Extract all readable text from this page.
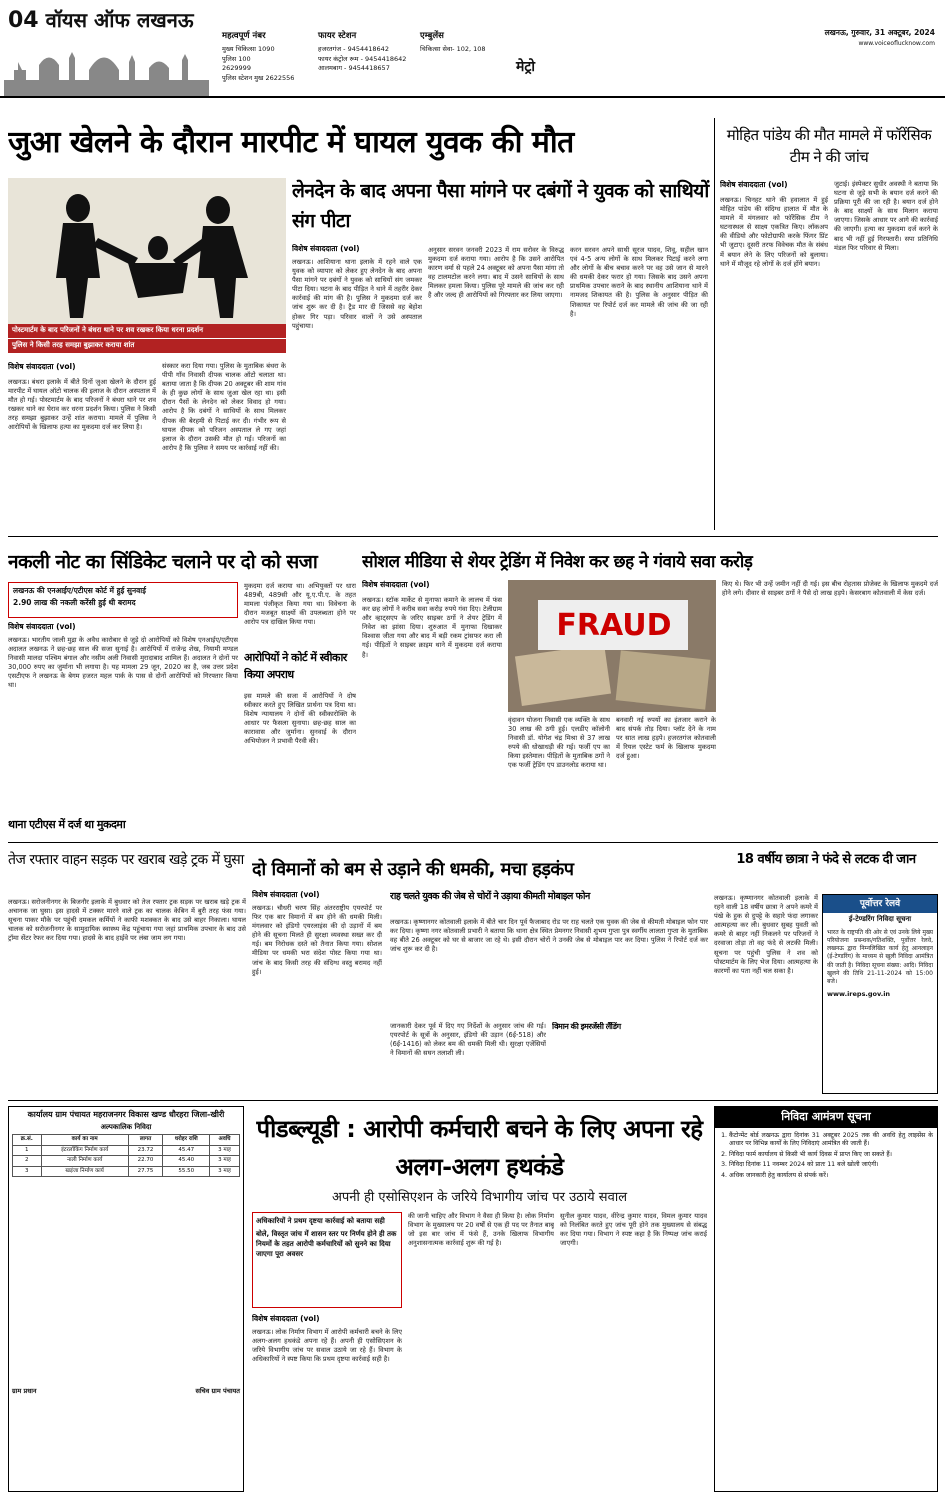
04 वॉयस ऑफ लखनऊ
महत्वपूर्ण नंबर
मुख्य चिकित्सा 1090
पुलिस 100
2629999
पुलिस स्टेशन मुख 2622556
फायर स्टेशन
हजरतगंज - 9454418642
फायर कंट्रोल रूम - 9454418642
आलमबाग - 9454418657
एम्बुलेंस
चिकित्सा सेवा- 102, 108
मेट्रो
लखनऊ, गुरुवार, 31 अक्टूबर, 2024
www.voiceoflucknow.com
जुआ खेलने के दौरान मारपीट में घायल युवक की मौत
पोस्टमार्टम के बाद परिजनों ने बंधरा थाने पर शव रखकर किया धरना प्रदर्शन
पुलिस ने किसी तरह समझा बुझाकर कराया शांत
विशेष संवाददाता (vol)
लखनऊ। बंथरा इलाके में बीते दिनों जुआ खेलने के दौरान हुई मारपीट में घायल ऑटो चालक की इलाज के दौरान अस्पताल में मौत हो गई। पोस्टमार्टम के बाद परिजनों ने बंथरा थाने पर शव रखकर थाने का घेराव कर धरना प्रदर्शन किया। पुलिस ने किसी तरह समझा बुझाकर उन्हें शांत कराया। मामले में पुलिस ने आरोपियों के खिलाफ हत्या का मुकदमा दर्ज कर लिया है।
संस्कार करा दिया गया। पुलिस के मुताबिक बंथरा के पीपी गाँव निवासी दीपक चालक ऑटो चलाता था। बताया जाता है कि दीपक 20 अक्टूबर की शाम गांव के ही कुछ लोगों के साथ जुआ खेल रहा था। इसी दौरान पैसों के लेनदेन को लेकर विवाद हो गया। आरोप है कि दबंगों ने साथियों के साथ मिलकर दीपक की बेरहमी से पिटाई कर दी। गंभीर रूप से घायल दीपक को परिजन अस्पताल ले गए जहां इलाज के दौरान उसकी मौत हो गई। परिजनों का आरोप है कि पुलिस ने समय पर कार्रवाई नहीं की।
लेनदेन के बाद अपना पैसा मांगने पर दबंगों ने युवक को साथियों संग पीटा
विशेष संवाददाता (vol)
लखनऊ। आशियाना थाना इलाके में रहने वाले एक युवक को व्यापार को लेकर हुए लेनदेन के बाद अपना पैसा मांगने पर दबंगों ने युवक को साथियों संग जमकर पीटा दिया। घटना के बाद पीड़ित ने थाने में तहरीर देकर कार्रवाई की मांग की है। पुलिस ने मुकदमा दर्ज कर जांच शुरू कर दी है। ट्रैड मार दी जिससे वह बेहोश होकर गिर पड़ा। परिवार वालों ने उसे अस्पताल पहुंचाया।
अनुसार सरवन जनवरी 2023 में राम सरोवर के विरुद्ध मुकदमा दर्ज कराया गया। आरोप है कि उसने आरोपित कारण वर्मा से पहले 24 अक्टूबर को अपना पैसा मांगा तो वह टालमटोल करने लगा। बाद में उसने साथियों के साथ मिलकर हमला किया। पुलिस पूरे मामले की जांच कर रही है और जल्द ही आरोपियों को गिरफ्तार कर लिया जाएगा।
करन सरवन अपने साथी सूरज यादव, शिवू, सहील खान एवं 4-5 अन्य लोगों के साथ मिलकर पिटाई करने लगा और लोगों के बीच बचाव करने पर वह उसे जान से मारने की धमकी देकर फरार हो गया। जिसके बाद उसने अपना प्राथमिक उपचार कराने के बाद स्थानीय आशियाना थाने में नामजद शिकायत की है। पुलिस के अनुसार पीड़ित की शिकायत पर रिपोर्ट दर्ज कर मामले की जांच की जा रही है।
मोहित पांडेय की मौत मामले में फॉरेंसिक टीम ने की जांच
विशेष संवाददाता (vol)
लखनऊ। चिनहट थाने की हवालात में हुई मोहित पांडेय की संदिग्ध हालात में मौत के मामले में मंगलवार को फॉरेंसिक टीम ने घटनास्थल से साक्ष्य एकत्रित किए। लॉकअप की वीडियो और फोटोग्राफी करके फिंगर प्रिंट भी जुटाए। दूसरी तरफ विवेचक मौत के संबंध में बयान लेने के लिए परिजनों को बुलाया। थाने में मौजूद रहे लोगों के दर्ज होंगे बयान।
जुटाई। इंस्पेक्टर सुधीर अवस्थी ने बताया कि घटना से जुड़े सभी के बयान दर्ज करने की प्रक्रिया पूरी की जा रही है। बयान दर्ज होने के बाद साक्ष्यों के साथ मिलान कराया जाएगा। जिसके आधार पर आगे की कार्रवाई की जाएगी। हत्या का मुकदमा दर्ज करने के बाद भी नहीं हुई गिरफ्तारी। सपा प्रतिनिधि मंडल फिर परिवार से मिला।
नकली नोट का सिंडिकेट चलाने पर दो को सजा
लखनऊ की एनआईए/एटीएस कोर्ट में हुई सुनवाई
2.90 लाख की नकली करेंसी हुई थी बरामद
विशेष संवाददाता (vol)
लखनऊ। भारतीय जाली मुद्रा के अवैध कारोबार से जुड़े दो आरोपियों को विशेष एनआईए/एटीएस अदालत लखनऊ ने छह-छह साल की सजा सुनाई है। आरोपियों में राजेन्द्र शेख, नियामी मण्डल निवासी मालदा पश्चिम बंगाल और नसीम अली निवासी मुरादाबाद शामिल हैं। अदालत ने दोनों पर 30,000 रुपए का जुर्माना भी लगाया है। यह मामला 29 जून, 2020 का है, जब उत्तर प्रदेश एसटीएफ ने लखनऊ के बेगम हजरत महल पार्क के पास से दोनों आरोपियों को गिरफ्तार किया था।
थाना एटीएस में दर्ज था मुकदमा
मुकदमा दर्ज कराया था। अभियुक्तों पर धारा 489बी, 489सी और यू.ए.पी.ए. के तहत मामला पंजीकृत किया गया था। विवेचना के दौरान मजबूत साक्ष्यों की उपलब्धता होने पर आरोप पत्र दाखिल किया गया।
आरोपियों ने कोर्ट में स्वीकार किया अपराध
इस मामले की सजा में आरोपियों ने दोष स्वीकार करते हुए लिखित प्रार्थना पत्र दिया था। विशेष न्यायालय ने दोनों की स्वीकारोक्ति के आधार पर फैसला सुनाया। छह-छह साल का कारावास और जुर्माना। सुनवाई के दौरान अभियोजन ने प्रभावी पैरवी की।
सोशल मीडिया से शेयर ट्रेडिंग में निवेश कर छह ने गंवाये सवा करोड़
विशेष संवाददाता (vol)
लखनऊ। स्टॉक मार्केट से मुनाफा कमाने के लालच में फंस कर छह लोगों ने करीब सवा करोड़ रुपये गंवा दिए। टेलीग्राम और व्हाट्सएप के जरिए साइबर ठगों ने शेयर ट्रेडिंग में निवेश का झांसा दिया। शुरुआत में मुनाफा दिखाकर विश्वास जीता गया और बाद में बड़ी रकम ट्रांसफर करा ली गई। पीड़ितों ने साइबर क्राइम थाने में मुकदमा दर्ज कराया है।
FRAUD
वृंदावन योजना निवासी एक व्यक्ति के साथ 30 लाख की ठगी हुई। एलडीए कॉलोनी निवासी डॉ. योगेश चंद्र मिश्रा से 37 लाख रुपये की धोखाधड़ी की गई। फर्जी एप का किया इस्तेमाल। पीड़ितों के मुताबिक ठगों ने एक फर्जी ट्रेडिंग एप डाउनलोड कराया था।
बनवारी नई रुपयों का इंतजार कराने के बाद संपर्क तोड़ दिया। प्लॉट देने के नाम पर सात लाख हड़पे। हजरतगंज कोतवाली में रियल एस्टेट फर्म के खिलाफ मुकदमा दर्ज हुआ।
किए थे। फिर भी उन्हें जमीन नहीं दी गई। इस बीच रोहतास प्रोजेक्ट के खिलाफ मुकदमे दर्ज होने लगे। दीवार से साइबर ठगों ने पैसे दो लाख हड़पे। केसरबाग कोतवाली में केस दर्ज।
तेज रफ्तार वाहन सड़क पर खराब खड़े ट्रक में घुसा
लखनऊ। सरोजनीनगर के बिजनौर इलाके में बुधवार को तेज रफ्तार ट्रक सड़क पर खराब खड़े ट्रक में अचानक जा घुसा। इस हादसे में टक्कर मारने वाले ट्रक का चालक केबिन में बुरी तरह फंस गया। सूचना पाकर मौके पर पहुंची दमकल कर्मियों ने काफी मशक्कत के बाद उसे बाहर निकाला। घायल चालक को सरोजनीनगर के सामुदायिक स्वास्थ्य केंद्र पहुंचाया गया जहां प्राथमिक उपचार के बाद उसे ट्रॉमा सेंटर रेफर कर दिया गया। हादसे के बाद हाईवे पर लंबा जाम लग गया।
दो विमानों को बम से उड़ाने की धमकी, मचा हड़कंप
विशेष संवाददाता (vol)
लखनऊ। चौधरी चरण सिंह अंतरराष्ट्रीय एयरपोर्ट पर फिर एक बार विमानों में बम होने की धमकी मिली। मंगलवार को इंडिगो एयरलाइंस की दो उड़ानों में बम होने की सूचना मिलते ही सुरक्षा व्यवस्था सख्त कर दी गई। बम निरोधक दस्ते को तैनात किया गया। सोशल मीडिया पर धमकी भरा संदेश पोस्ट किया गया था। जांच के बाद किसी तरह की संदिग्ध वस्तु बरामद नहीं हुई।
राह चलते युवक की जेब से चोरों ने उड़ाया कीमती मोबाइल फोन
लखनऊ। कृष्णानगर कोतवाली इलाके में बीते चार दिन पूर्व फैजाबाद रोड पर राह चलते एक युवक की जेब से कीमती मोबाइल फोन पार कर दिया। कृष्णा नगर कोतवाली प्रभारी ने बताया कि थाना क्षेत्र स्थित प्रेमनगर निवासी शुभम गुप्ता पुत्र स्वर्गीय लालता गुप्ता के मुताबिक वह बीते 26 अक्टूबर को घर से बाजार जा रहे थे। इसी दौरान चोरों ने उनकी जेब से मोबाइल पार कर दिया। पुलिस ने रिपोर्ट दर्ज कर जांच शुरू कर दी है।
जानकारी देकर पूर्व में दिए गए निर्देशों के अनुसार जांच की गई। एयरपोर्ट के सूत्रों के अनुसार, इंडिगो की उड़ान (6ई-518) और (6ई-1416) को लेकर बम की धमकी मिली थी। सुरक्षा एजेंसियों ने विमानों की सघन तलाशी ली।
विमान की इमरजेंसी लैंडिंग
18 वर्षीय छात्रा ने फंदे से लटक दी जान
लखनऊ। कृष्णानगर कोतवाली इलाके में रहने वाली 18 वर्षीय छात्रा ने अपने कमरे में पंखे के हुक से दुपट्टे के सहारे फंदा लगाकर आत्महत्या कर ली। बुधवार सुबह युवती को कमरे से बाहर नहीं निकलने पर परिजनों ने दरवाजा तोड़ा तो वह फंदे से लटकी मिली। सूचना पर पहुंची पुलिस ने शव को पोस्टमार्टम के लिए भेज दिया। आत्महत्या के कारणों का पता नहीं चल सका है।
पूर्वोत्तर रेलवे
ई-टेण्डरिंग निविदा सूचना
भारत के राष्ट्रपति की ओर से एवं उनके लिये मुख्य परियोजना प्रबन्धक/गतिशक्ति, पूर्वोत्तर रेलवे, लखनऊ द्वारा निम्नलिखित कार्य हेतु आनलाइन (ई-टेण्डरिंग) के माध्यम से खुली निविदा आमंत्रित की जाती है। निविदा सूचना संख्या: आदि। निविदा खुलने की तिथि 21-11-2024 को 15:00 बजे।
www.ireps.gov.in
कार्यालय ग्राम पंचायत महराजनगर विकास खण्ड धौरहरा जिला-खीरी
अल्पकालिक निविदा
क्र.सं.	कार्य का नाम	लागत	धरोहर राशि	अवधि
1	इंटरलॉकिंग निर्माण कार्य	23.72	45.47	3 माह
2	नाली निर्माण कार्य	22.70	45.40	3 माह
3	खड़ंजा निर्माण कार्य	27.75	55.50	3 माह
ग्राम प्रधान	सचिव ग्राम पंचायत
पीडब्ल्यूडी : आरोपी कर्मचारी बचने के लिए अपना रहे अलग-अलग हथकंडे
अपनी ही एसोसिएशन के जरिये विभागीय जांच पर उठाये सवाल
अधिकारियों ने प्रथम दृष्टया कार्रवाई को बताया सही
बोले, विस्तृत जांच में शासन स्तर पर निर्णय होने ही तक नियमों के तहत आरोपी कर्मचारियों को सुनने का दिया जाएगा पूरा अवसर
विशेष संवाददाता (vol)
लखनऊ। लोक निर्माण विभाग में आरोपी कर्मचारी बचने के लिए अलग-अलग हथकंडे अपना रहे हैं। अपनी ही एसोसिएशन के जरिये विभागीय जांच पर सवाल उठाये जा रहे हैं। विभाग के अधिकारियों ने स्पष्ट किया कि प्रथम दृष्टया कार्रवाई सही है।
की जानी चाहिए और विभाग ने वैसा ही किया है। लोक निर्माण विभाग के मुख्यालय पर 20 वर्षों से एक ही पद पर तैनात बाबू जो इस बार जांच में फंसे हैं, उनके खिलाफ विभागीय अनुशासनात्मक कार्रवाई शुरू की गई है।
सुनील कुमार यादव, वीरेन्द्र कुमार यादव, विमल कुमार यादव को निलंबित करते हुए जांच पूरी होने तक मुख्यालय से संबद्ध कर दिया गया। विभाग ने स्पष्ट कहा है कि निष्पक्ष जांच कराई जाएगी।
निविदा आमंत्रण सूचना
1. कैंटोन्मेंट बोर्ड लखनऊ द्वारा दिनांक 31 अक्टूबर 2025 तक की अवधि हेतु लाइसेंस के आधार पर विभिन्न कार्यों के लिए निविदाएं आमंत्रित की जाती हैं।
2. निविदा फार्म कार्यालय से किसी भी कार्य दिवस में प्राप्त किए जा सकते हैं।
3. निविदा दिनांक 11 नवम्बर 2024 को प्रातः 11 बजे खोली जाएंगी।
4. अधिक जानकारी हेतु कार्यालय से संपर्क करें।
